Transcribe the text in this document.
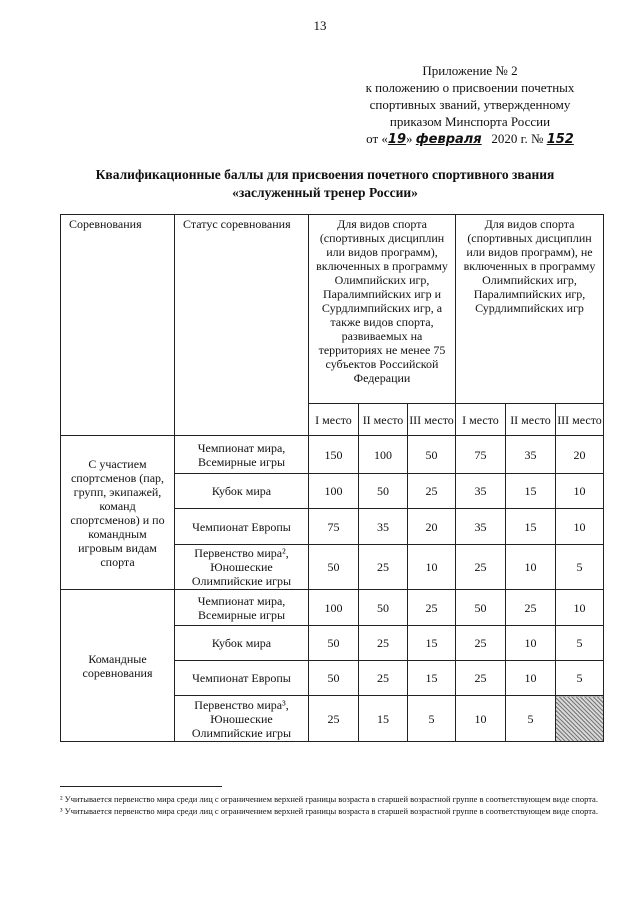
13
Приложение № 2
к положению о присвоении почетных
спортивных званий, утвержденному
приказом Минспорта России
от «19» февраля 2020 г. № 152
Квалификационные баллы для присвоения почетного спортивного звания
«заслуженный тренер России»
Соревнования	Статус соревнования	Для видов спорта (спортивных дисциплин или видов программ), включенных в программу Олимпийских игр, Паралимпийских игр и Сурдлимпийских игр, а также видов спорта, развиваемых на территориях не менее 75 субъектов Российской Федерации			Для видов спорта (спортивных дисциплин или видов программ), не включенных в программу Олимпийских игр, Паралимпийских игр, Сурдлимпийских игр		
		I место	II место	III место	I место	II место	III место
С участием спортсменов (пар, групп, экипажей, команд спортсменов) и по командным игровым видам спорта	Чемпионат мира, Всемирные игры	150	100	50	75	35	20
	Кубок мира	100	50	25	35	15	10
	Чемпионат Европы	75	35	20	35	15	10
	Первенство мира², Юношеские Олимпийские игры	50	25	10	25	10	5
Командные соревнования	Чемпионат мира, Всемирные игры	100	50	25	50	25	10
	Кубок мира	50	25	15	25	10	5
	Чемпионат Европы	50	25	15	25	10	5
	Первенство мира³, Юношеские Олимпийские игры	25	15	5	10	5	
² Учитывается первенство мира среди лиц с ограничением верхней границы возраста в старшей возрастной группе в соответствующем виде спорта.
³ Учитывается первенство мира среди лиц с ограничением верхней границы возраста в старшей возрастной группе в соответствующем виде спорта.
